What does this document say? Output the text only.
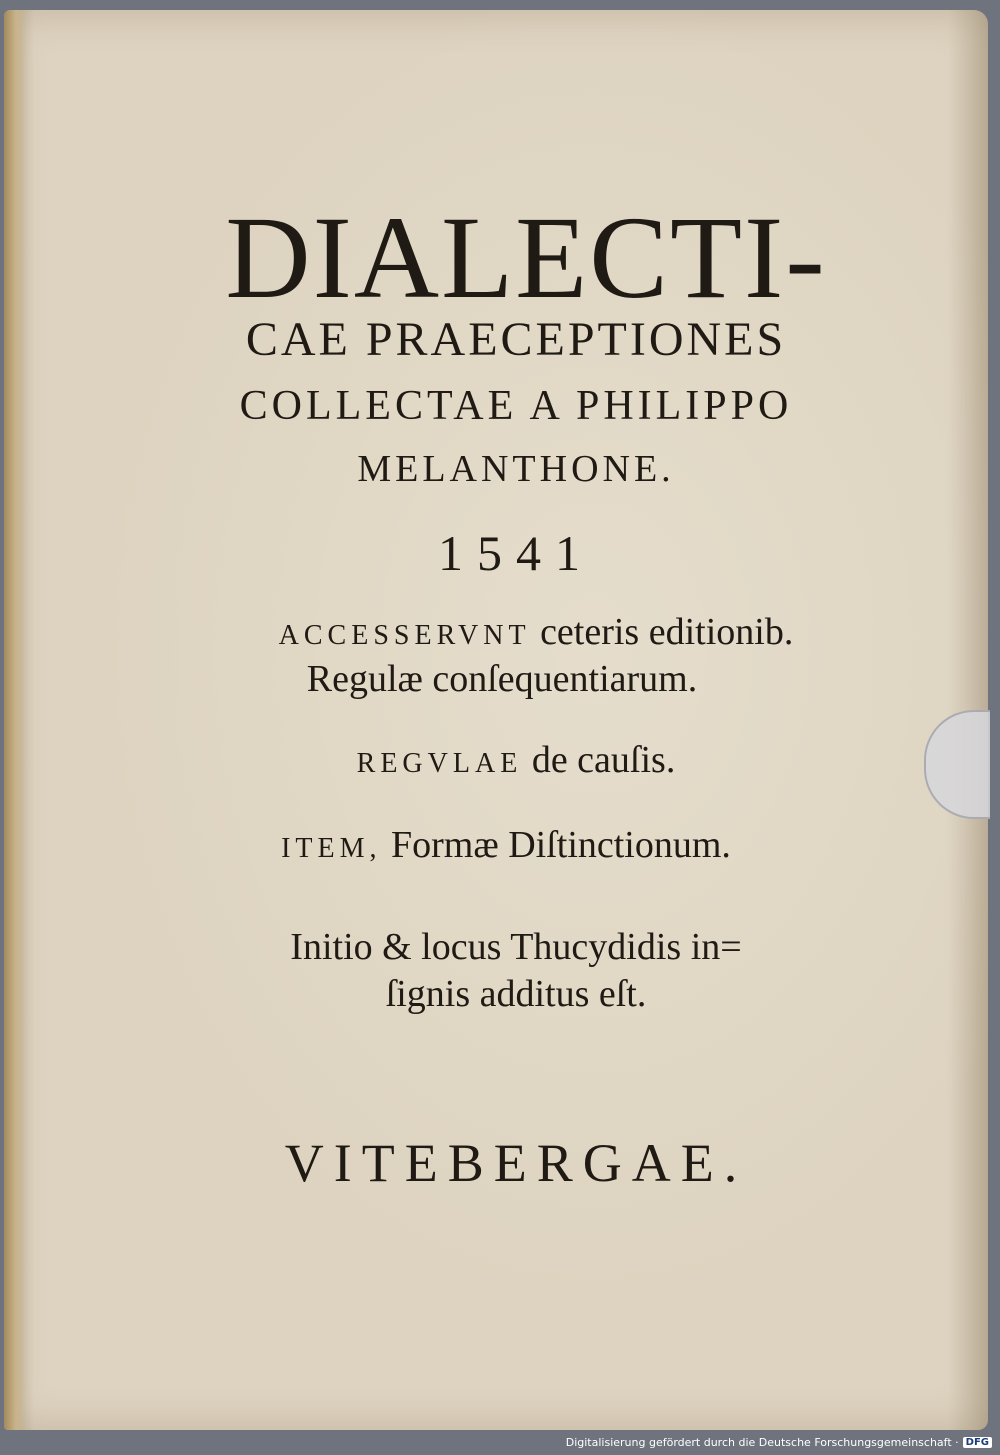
DIALECTI-
CAE PRAECEPTIONES
COLLECTAE A PHILIPPO
MELANTHONE.
1541
ACCESSERVNT ceteris editionib.
Regulæ conſequentiarum.
REGVLAE de cauſis.
ITEM, Formæ Diſtinctionum.
Initio & locus Thucydidis in=
ſignis additus eſt.
VITEBERGAE.
Digitalisierung gefördert durch die Deutsche Forschungsgemeinschaft · DFG
